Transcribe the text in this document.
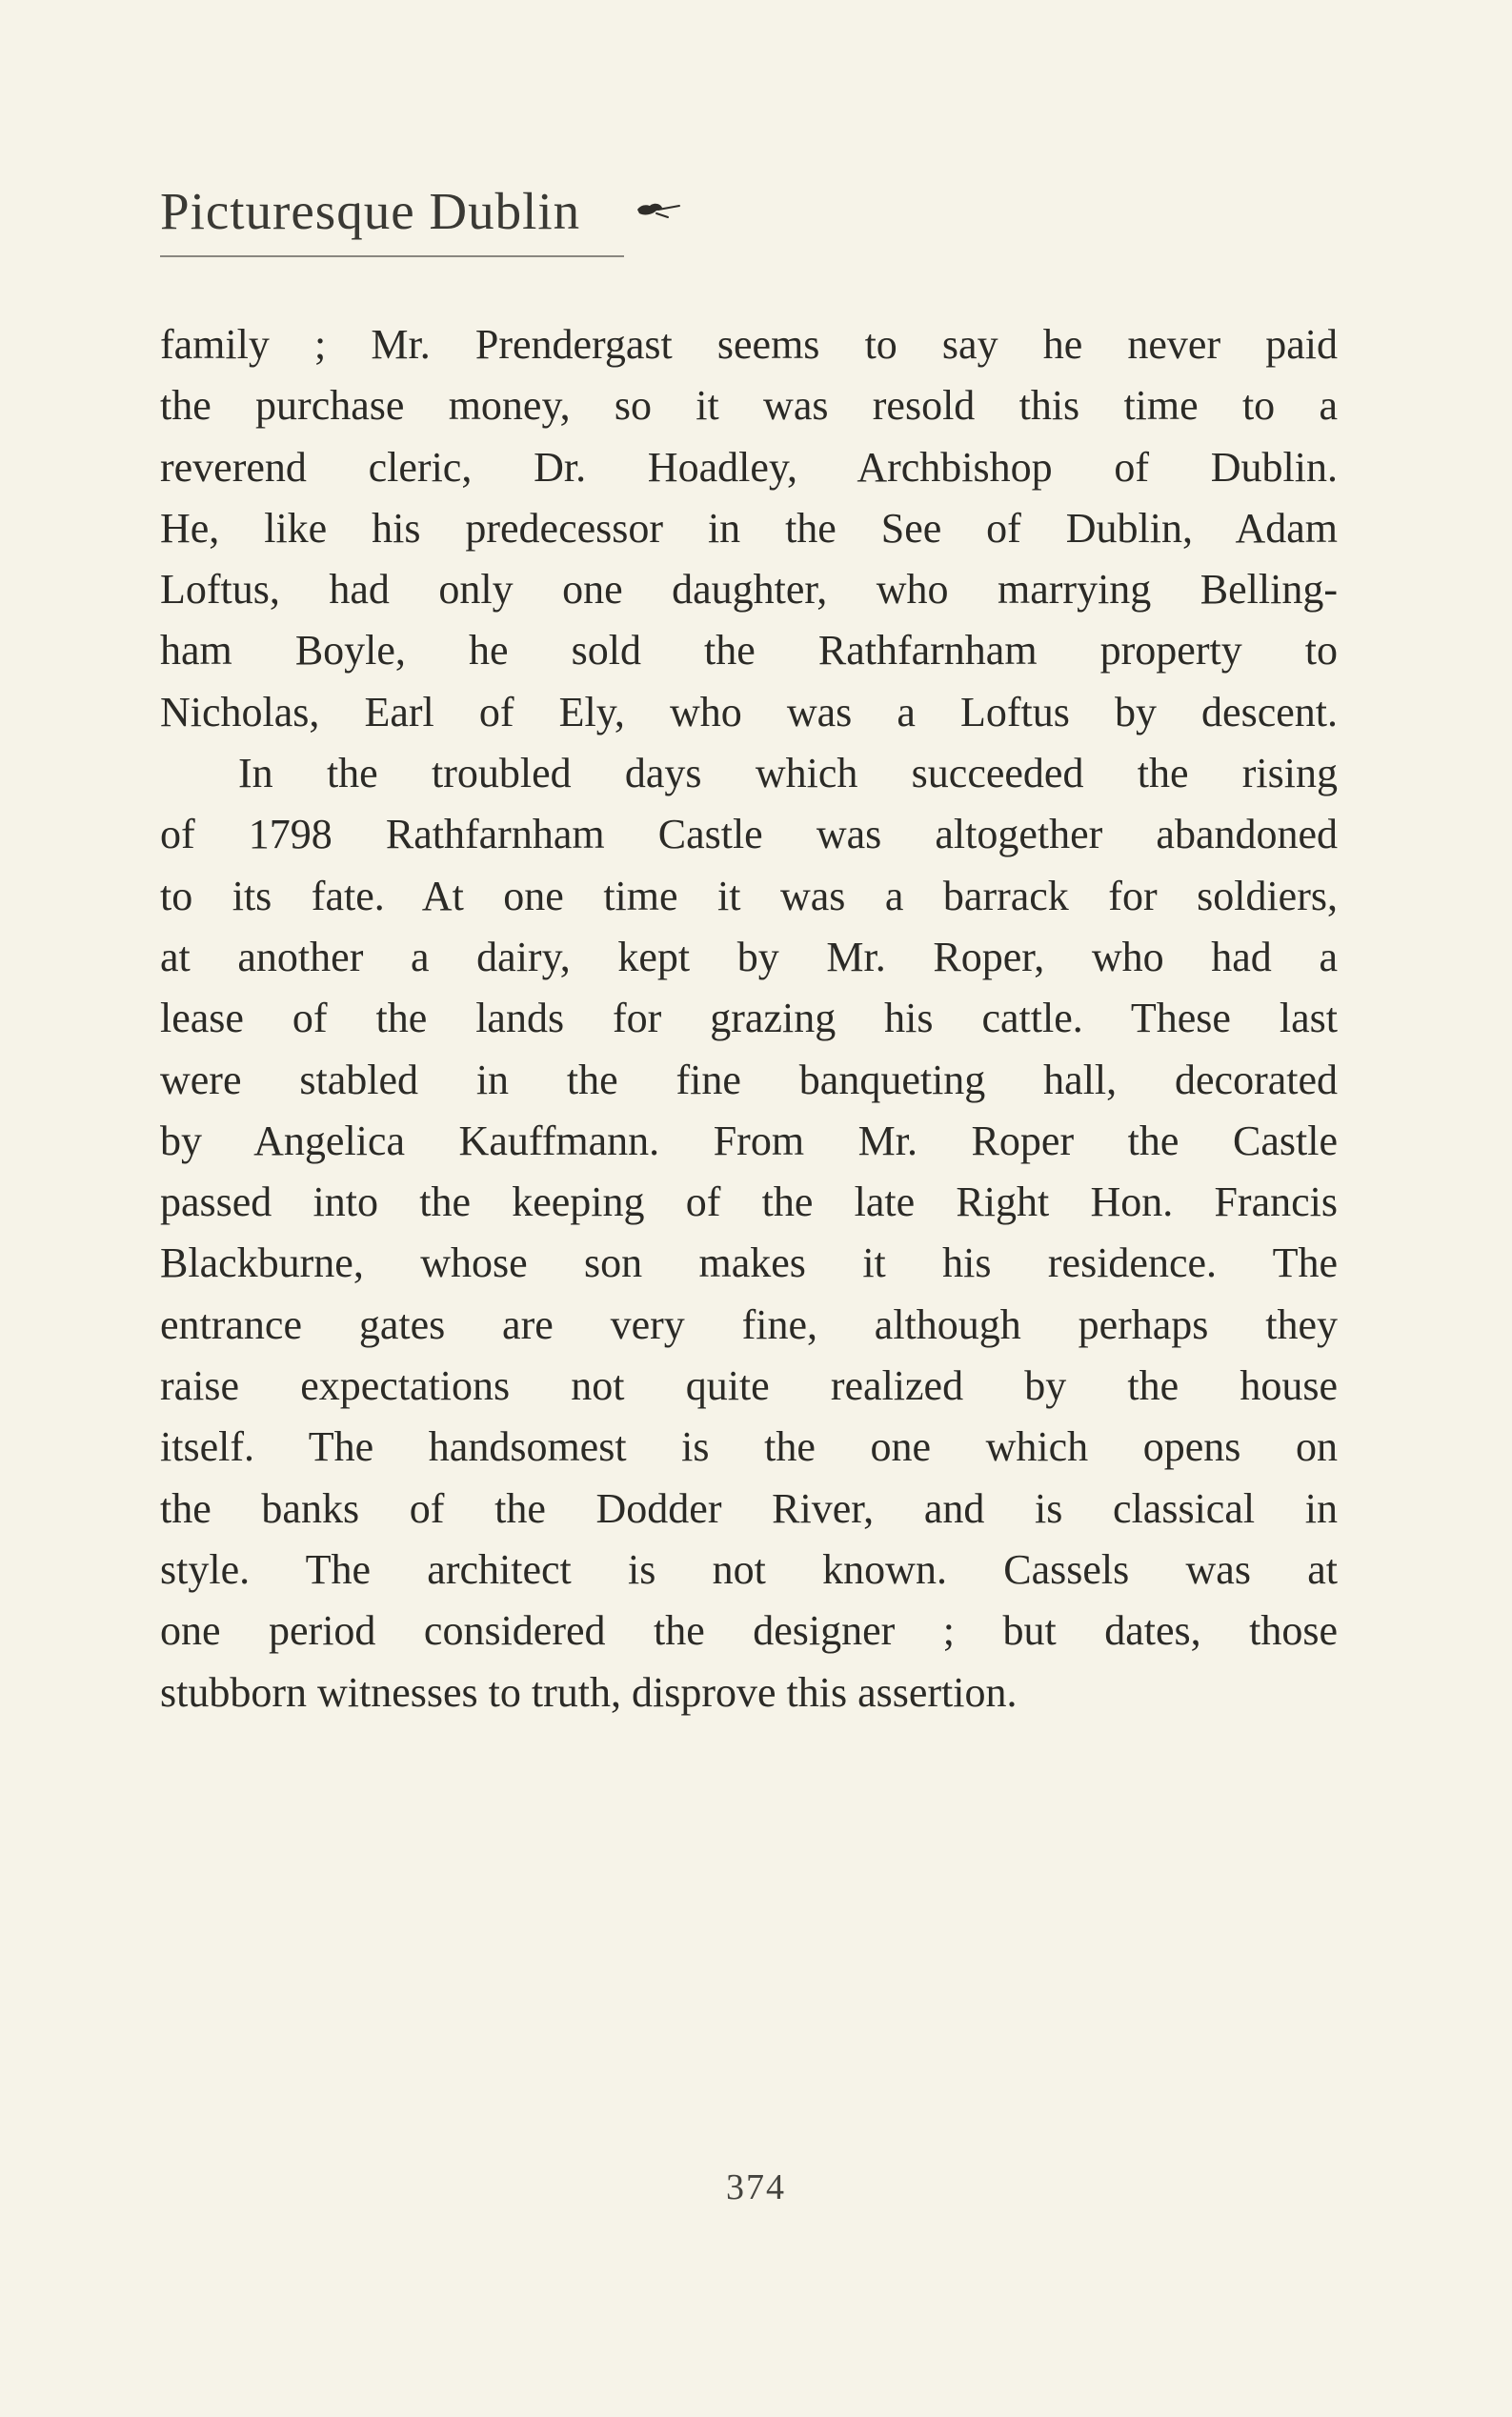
Picturesque Dublin
family ; Mr. Prendergast seems to say he never paid
the purchase money, so it was resold this time to a
reverend cleric, Dr. Hoadley, Archbishop of Dublin.
He, like his predecessor in the See of Dublin, Adam
Loftus, had only one daughter, who marrying Belling-
ham Boyle, he sold the Rathfarnham property to
Nicholas, Earl of Ely, who was a Loftus by descent.
In the troubled days which succeeded the rising
of 1798 Rathfarnham Castle was altogether abandoned
to its fate. At one time it was a barrack for soldiers,
at another a dairy, kept by Mr. Roper, who had a
lease of the lands for grazing his cattle. These last
were stabled in the fine banqueting hall, decorated
by Angelica Kauffmann. From Mr. Roper the Castle
passed into the keeping of the late Right Hon. Francis
Blackburne, whose son makes it his residence. The
entrance gates are very fine, although perhaps they
raise expectations not quite realized by the house
itself. The handsomest is the one which opens on
the banks of the Dodder River, and is classical in
style. The architect is not known. Cassels was at
one period considered the designer ; but dates, those
stubborn witnesses to truth, disprove this assertion.
374
